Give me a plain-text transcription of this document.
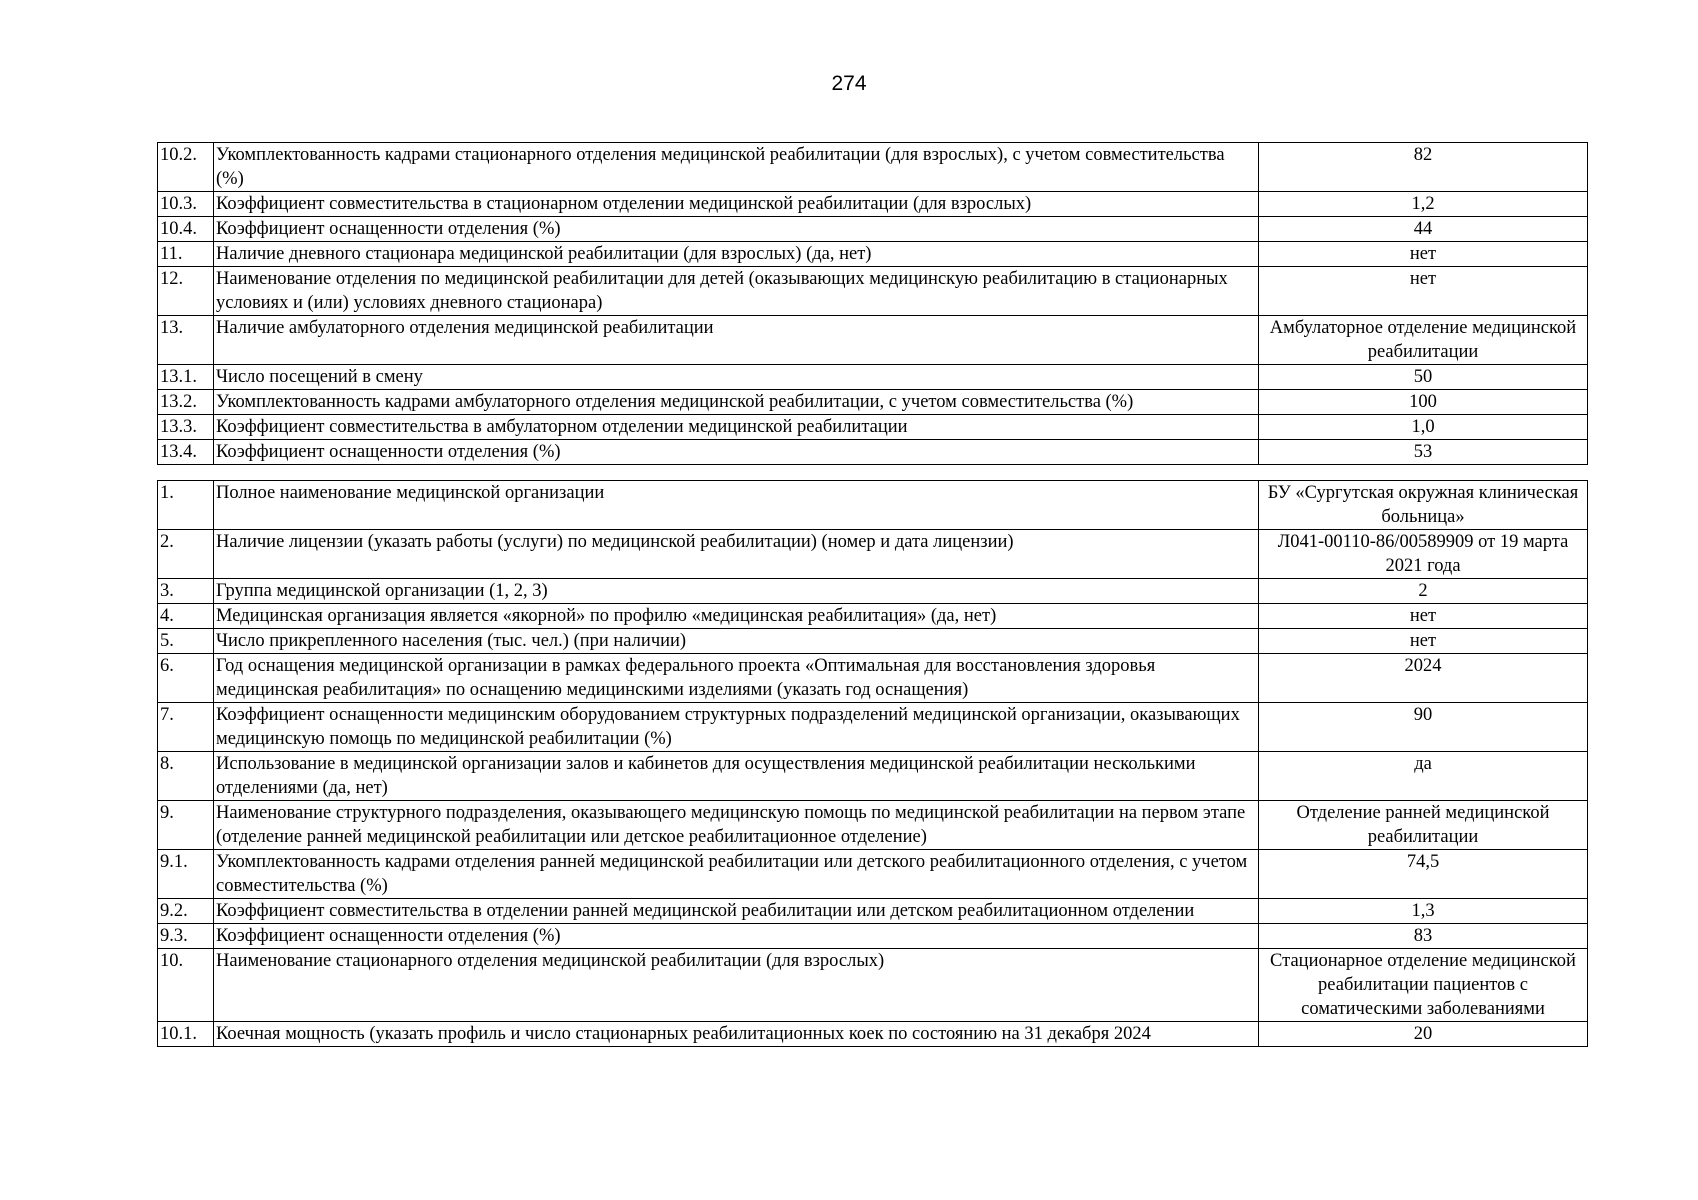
274
10.2.	Укомплектованность кадрами стационарного отделения медицинской реабилитации (для взрослых), с учетом совместительства (%)	82
10.3.	Коэффициент совместительства в стационарном отделении медицинской реабилитации (для взрослых)	1,2
10.4.	Коэффициент оснащенности отделения (%)	44
11.	Наличие дневного стационара медицинской реабилитации (для взрослых) (да, нет)	нет
12.	Наименование отделения по медицинской реабилитации для детей (оказывающих медицинскую реабилитацию в стационарных условиях и (или) условиях дневного стационара)	нет
13.	Наличие амбулаторного отделения медицинской реабилитации	Амбулаторное отделение медицинской реабилитации
13.1.	Число посещений в смену	50
13.2.	Укомплектованность кадрами амбулаторного отделения медицинской реабилитации, с учетом совместительства (%)	100
13.3.	Коэффициент совместительства в амбулаторном отделении медицинской реабилитации	1,0
13.4.	Коэффициент оснащенности отделения (%)	53
1.	Полное наименование медицинской организации	БУ «Сургутская окружная клиническая больница»
2.	Наличие лицензии (указать работы (услуги) по медицинской реабилитации) (номер и дата лицензии)	Л041-00110-86/00589909 от 19 марта 2021 года
3.	Группа медицинской организации (1, 2, 3)	2
4.	Медицинская организация является «якорной» по профилю «медицинская реабилитация» (да, нет)	нет
5.	Число прикрепленного населения (тыс. чел.) (при наличии)	нет
6.	Год оснащения медицинской организации в рамках федерального проекта «Оптимальная для восстановления здоровья медицинская реабилитация» по оснащению медицинскими изделиями (указать год оснащения)	2024
7.	Коэффициент оснащенности медицинским оборудованием структурных подразделений медицинской организации, оказывающих медицинскую помощь по медицинской реабилитации (%)	90
8.	Использование в медицинской организации залов и кабинетов для осуществления медицинской реабилитации несколькими отделениями (да, нет)	да
9.	Наименование структурного подразделения, оказывающего медицинскую помощь по медицинской реабилитации на первом этапе (отделение ранней медицинской реабилитации или детское реабилитационное отделение)	Отделение ранней медицинской реабилитации
9.1.	Укомплектованность кадрами отделения ранней медицинской реабилитации или детского реабилитационного отделения, с учетом совместительства (%)	74,5
9.2.	Коэффициент совместительства в отделении ранней медицинской реабилитации или детском реабилитационном отделении	1,3
9.3.	Коэффициент оснащенности отделения (%)	83
10.	Наименование стационарного отделения медицинской реабилитации (для взрослых)	Стационарное отделение медицинской реабилитации пациентов с соматическими заболеваниями
10.1.	Коечная мощность (указать профиль и число стационарных реабилитационных коек по состоянию на 31 декабря 2024	20
